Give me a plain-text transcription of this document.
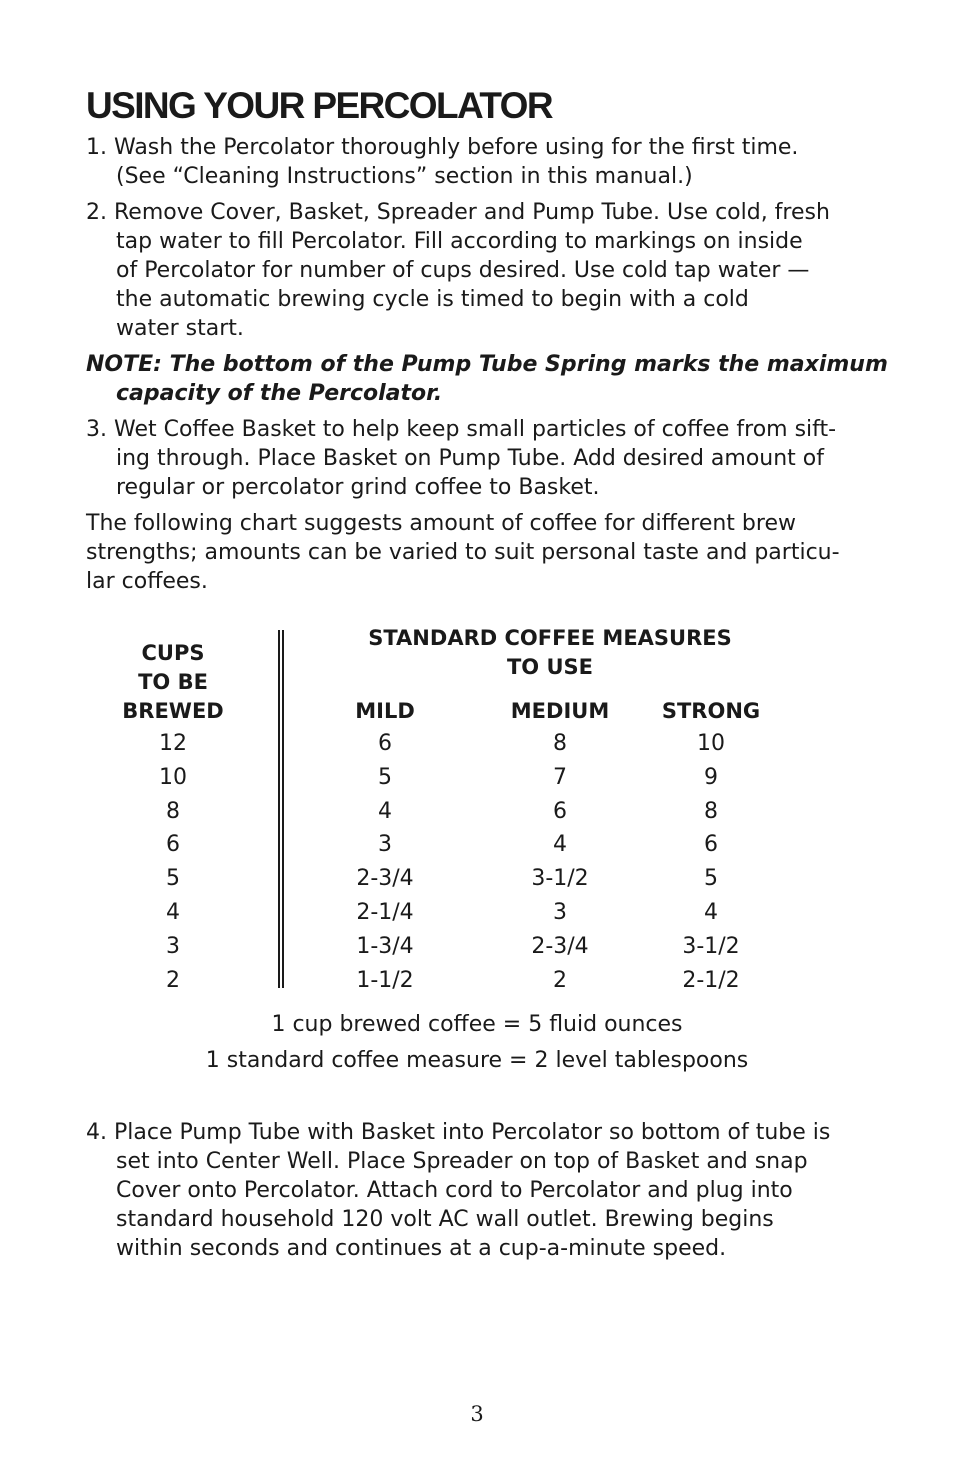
USING YOUR PERCOLATOR
1. Wash the Percolator thoroughly before using for the first time.
(See “Cleaning Instructions” section in this manual.)
2. Remove Cover, Basket, Spreader and Pump Tube. Use cold, fresh
tap water to fill Percolator. Fill according to markings on inside
of Percolator for number of cups desired. Use cold tap water —
the automatic brewing cycle is timed to begin with a cold
water start.
NOTE: The bottom of the Pump Tube Spring marks the maximum
capacity of the Percolator.
3. Wet Coffee Basket to help keep small particles of coffee from sift-
ing through. Place Basket on Pump Tube. Add desired amount of
regular or percolator grind coffee to Basket.
The following chart suggests amount of coffee for different brew
strengths; amounts can be varied to suit personal taste and particu-
lar coffees.
CUPS
TO BE
BREWED
STANDARD COFFEE MEASURES
TO USE
MILD	MEDIUM	STRONG
12	6	8	10
10	5	7	9
8	4	6	8
6	3	4	6
5	2-3/4	3-1/2	5
4	2-1/4	3	4
3	1-3/4	2-3/4	3-1/2
2	1-1/2	2	2-1/2
1 cup brewed coffee = 5 fluid ounces
1 standard coffee measure = 2 level tablespoons
4. Place Pump Tube with Basket into Percolator so bottom of tube is
set into Center Well. Place Spreader on top of Basket and snap
Cover onto Percolator. Attach cord to Percolator and plug into
standard household 120 volt AC wall outlet. Brewing begins
within seconds and continues at a cup-a-minute speed.
3
